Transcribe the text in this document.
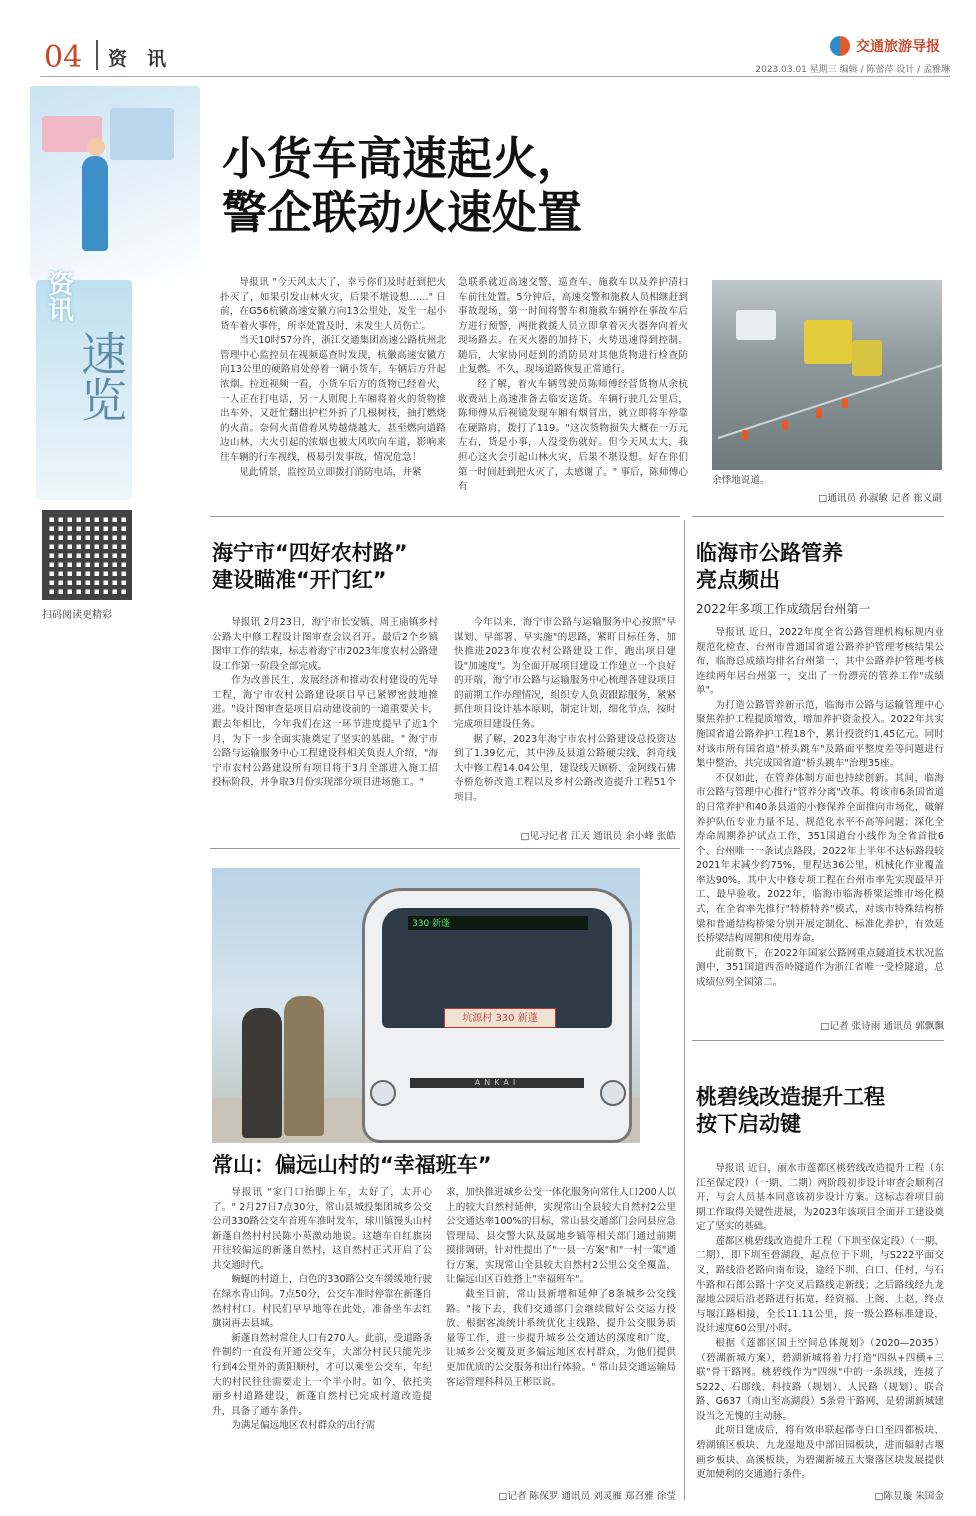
04 资讯
交通旅游导报
2023.03.01 星期三 编辑 / 陈蕾萍 设计 / 孟雅琳
资讯
速览
扫码阅读更精彩
小货车高速起火，
警企联动火速处置

导报讯 "今天风太大了，幸亏你们及时赶到把火扑灭了，如果引发山林火灾，后果不堪设想……" 日前，在G56杭徽高速安徽方向13公里处，发生一起小货车着火事件，所幸处置及时，未发生人员伤亡。

当天10时57分许，浙江交通集团高速公路杭州北管理中心监控员在视频巡查时发现，杭徽高速安徽方向13公里的硬路肩处停着一辆小货车，车辆后方升起浓烟。拉近视频一看，小货车后方的货物已经着火，一人正在打电话，另一人则爬上车厢将着火的货物推出车外，又赶忙翻出护栏外折了几根树枝，抽打燃烧的火苗。奈何火苗借着风势越烧越大，甚至燃向道路边山林，大火引起的浓烟也被大风吹向车道，影响来往车辆的行车视线，极易引发事故，情况危急！

见此情景，监控员立即拨打消防电话，并紧

急联系就近高速交警、巡查车、施救车以及养护清扫车前往处置。5分钟后，高速交警和施救人员相继赶到事故现场，第一时间将警车和施救车辆停在事故车后方进行预警，两批救援人员立即拿着灭火器奔向着火现场路去。在灭火器的加持下，火势迅速得到控制。随后，大家协同赶到的消防员对其他货物进行检查防止复燃。不久，现场道路恢复正常通行。

经了解，着火车辆驾驶员陈师傅经营货物从余杭收费站上高速准备去临安送货。车辆行驶几公里后，陈师傅从后视镜发现车厢有烟冒出，就立即将车停靠在硬路肩，拨打了119。"这次货物损失大概在一万元左右，货是小事，人没受伤就好。但今天风太大，我担心这火会引起山林火灾，后果不堪设想。好在你们第一时间赶到把火灭了，太感谢了。" 事后，陈师傅心有

余悸地说道。

□通讯员 孙淑敏 记者 崔义副
海宁市“四好农村路”
建设瞄准“开门红”

导报讯 2月23日，海宁市长安镇、周王庙镇乡村公路大中修工程设计图审查会议召开。最后2个乡镇图审工作的结束，标志着海宁市2023年度农村公路建设工作第一阶段全部完成。

作为改善民生、发展经济和推动农村建设的先导工程，海宁市农村公路建设项目早已紧锣密鼓地推进。"设计图审查是项目启动建设前的一道重要关卡，跟去年相比，今年我们在这一环节进度提早了近1个月，为下一步全面实施奠定了坚实的基础。" 海宁市公路与运输服务中心工程建设科相关负责人介绍，"海宁市农村公路建设所有项目将于3月全部进入施工招投标阶段，并争取3月份实现部分项目进场施工。"

今年以来，海宁市公路与运输服务中心按照"早谋划、早部署、早实施"的思路，紧盯目标任务，加快推进2023年度农村公路建设工作，跑出项目建设"加速度"。为全面开展项目建设工作建立一个良好的开端，海宁市公路与运输服务中心梳理各建设项目的前期工作办理情况，组织专人负责跟踪服务，紧紧抓住项目设计基本原则，制定计划，细化节点，按时完成项目建设任务。

据了解，2023年海宁市农村公路建设总投资达到了1.39亿元，其中涉及县道公路硬尖线、斜奇线大中修工程14.04公里，建设线天顾桥、金阿线石佛寺桥危桥改造工程以及乡村公路改造提升工程51个项目。

□见习记者 江天 通讯员 余小峰 张皓
330 新蓬
坑源村 330 新蓬
ANKAI
常山：偏远山村的“幸福班车”

导报讯 "家门口抬脚上车，太好了，太开心了。" 2月27日7点30分，常山县城投集团城乡公交公司330路公交车首班车准时发车，球川镇馒头山村新蓬自然村村民陈小英激动地说。这趟车自红旗岗开往较偏远的新蓬自然村，这自然村正式开启了公共交通时代。

蜿蜒的村道上，白色的330路公交车缓缓地行驶在绿水青山间。7点50分，公交车准时停靠在新蓬自然村村口。村民们早早地等在此处，准备坐车去红旗岗再去县城。

新蓬自然村常住人口有270人。此前，受道路条件制约一直没有开通公交车，大部分村民只能先步行到4公里外的黄阳顺村，才可以乘坐公交车，年纪大的村民往往需要走上一个半小时。如今，依托美丽乡村道路建设，新蓬自然村已完成村道改造提升，具备了通车条件。

为满足偏远地区农村群众的出行需

求，加快推进城乡公交一体化服务向常住人口200人以上的较大自然村延伸，实现常山全县较大自然村2公里公交通达率100%的目标，常山县交通部门会同县应急管理局、县交警大队及属地乡镇等相关部门通过前期摸排调研，针对性提出了"一县一方案"和"一村一策"通行方案，实现常山全县较大自然村2公里公交全覆盖，让偏远山区百姓搭上"幸福班车"。

截至目前，常山县新增和延伸了8条城乡公交线路。"接下去，我们交通部门会继续做好公交运力投放、根据客流统计系统优化主线路、提升公交服务质量等工作，进一步提升城乡公交通达的深度和广度，让城乡公交覆及更多偏远地区农村群众，为他们提供更加优质的公交服务和出行体验。" 常山县交通运输局客运管理科科员王彬臣说。

□记者 陈保罗 通讯员 刘灵雁 郑召雅 徐莹
临海市公路管养
亮点频出
2022年多项工作成绩居台州第一

导报讯 近日，2022年度全省公路管理机构标规内业规范化检查、台州市普通国省道公路养护管理考核结果公布，临海总成绩均排名台州第一，其中公路养护管理考核连续两年居台州第一，交出了一份漂亮的管养工作"成绩单"。

为打造公路管养新示范，临海市公路与运输管理中心聚焦养护工程提质增效，增加养护资金投入。2022年共实施国省道公路养护工程18个，累计投资约1.45亿元。同时对该市所有国省道"桥头跳车"及路面平整度差等问题进行集中整治，共完成国省道"桥头跳车"治理35座。

不仅如此，在管养体制方面也持续创新。其间，临海市公路与管理中心推行"管养分离"改革。将该市6条国省道的日常养护和40条县道的小修保养全面推向市场化，破解养护队伍专业力量不足、规范化水平不高等问题；深化全寿命周期养护试点工作，351国道台小线作为全省首批6个、台州唯一一条试点路段，2022年上半年不达标路段较2021年末减少约75%，里程达36公里，机械化作业覆盖率达90%。其中大中修专项工程在台州市率先实现最早开工、最早验收。2022年，临海市临海桥梁运维市场化模式，在全省率先推行"特桥特养"模式，对该市特殊结构桥梁和普通结构桥梁分别开展定制化、标准化养护，有效延长桥梁结构周期和使用寿命。

此前数下，在2022年国家公路网重点隧道技术状况监测中，351国道西岙岭隧道作为浙江省唯一受检隧道，总成绩位列全国第二。

□记者 张诗雨 通讯员 郭飘飘
桃碧线改造提升工程
按下启动键

导报讯 近日，丽水市莲都区桃碧线改造提升工程（东江至保定段）（一期、二期）两阶段初步设计审查会顺利召开，与会人员基本同意该初步设计方案。这标志着项目前期工作取得关键性进展，为2023年该项目全面开工建设奠定了坚实的基础。

莲都区桃碧线改造提升工程（下圳至保定段）（一期、二期），即下圳至碧湖段，起点位于下圳，与S222平面交叉，路线沿老路向南布设，途经下圳、白口、任村，与石牛路和石郎公路十字交叉后路线走新线；之后路线经九龙湿地公园后沿老路进行拓宽，经资福、上阁、上赵，终点与堰江路相接，全长11.11公里，按一级公路标准建设，设计速度60公里/小时。

根据《莲都区国土空间总体规划》（2020—2035）（碧湖新城方案），碧湖新城将着力打造"四纵+四横+三联"骨干路网。桃碧线作为"四纵"中的一条纵线，连接了S222、石郎线、科技路（规划）、人民路（规划）、联合路、G637（南山至高湖段）5条骨干路网，是碧湖新城建设当之无愧的主动脉。

此项目建成后，将有效串联起郡寺白口至四都板块、碧湖镇区板块、九龙湿地及中部田园板块，进而辐射古堰画乡板块、高溪板块，为碧湖新城五大聚落区块发展提供更加便利的交通通行条件。

□陈昱璇 朱国金
